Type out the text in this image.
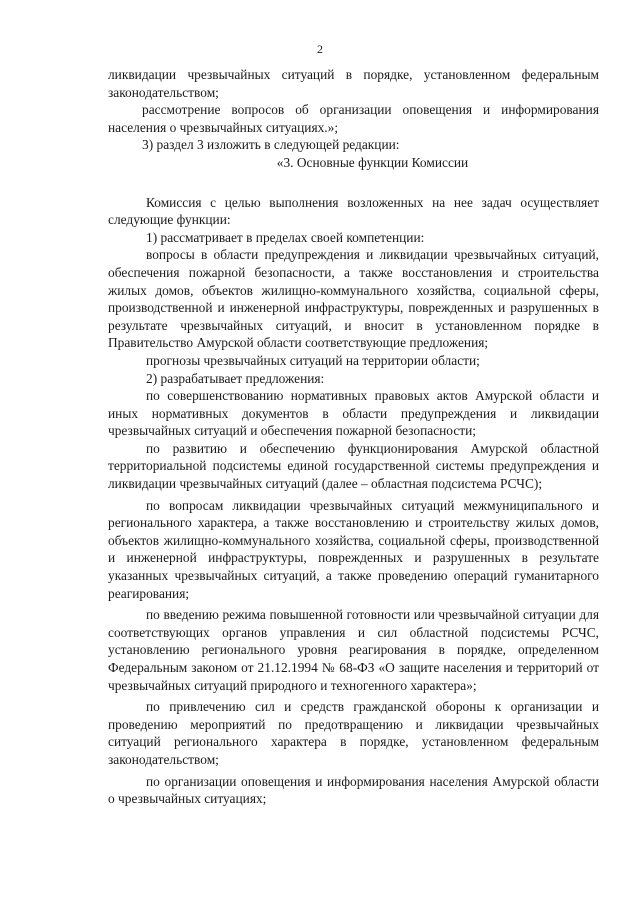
2

ликвидации чрезвычайных ситуаций в порядке, установленном федеральным законодательством;

рассмотрение вопросов об организации оповещения и информирования населения о чрезвычайных ситуациях.»;

3) раздел 3 изложить в следующей редакции:

«3. Основные функции Комиссии

Комиссия с целью выполнения возложенных на нее задач осуществляет следующие функции:

1) рассматривает в пределах своей компетенции:

вопросы в области предупреждения и ликвидации чрезвычайных ситуаций, обеспечения пожарной безопасности, а также восстановления и строительства жилых домов, объектов жилищно-коммунального хозяйства, социальной сферы, производственной и инженерной инфраструктуры, поврежденных и разрушенных в результате чрезвычайных ситуаций, и вносит в установленном порядке в Правительство Амурской области соответствующие предложения;

прогнозы чрезвычайных ситуаций на территории области;

2) разрабатывает предложения:

по совершенствованию нормативных правовых актов Амурской области и иных нормативных документов в области предупреждения и ликвидации чрезвычайных ситуаций и обеспечения пожарной безопасности;

по развитию и обеспечению функционирования Амурской областной территориальной подсистемы единой государственной системы предупреждения и ликвидации чрезвычайных ситуаций (далее – областная подсистема РСЧС);

по вопросам ликвидации чрезвычайных ситуаций межмуниципального и регионального характера, а также восстановлению и строительству жилых домов, объектов жилищно-коммунального хозяйства, социальной сферы, производственной и инженерной инфраструктуры, поврежденных и разрушенных в результате указанных чрезвычайных ситуаций, а также проведению операций гуманитарного реагирования;

по введению режима повышенной готовности или чрезвычайной ситуации для соответствующих органов управления и сил областной подсистемы РСЧС, установлению регионального уровня реагирования в порядке, определенном Федеральным законом от 21.12.1994 № 68-ФЗ «О защите населения и территорий от чрезвычайных ситуаций природного и техногенного характера»;

по привлечению сил и средств гражданской обороны к организации и проведению мероприятий по предотвращению и ликвидации чрезвычайных ситуаций регионального характера в порядке, установленном федеральным законодательством;

по организации оповещения и информирования населения Амурской области о чрезвычайных ситуациях;
